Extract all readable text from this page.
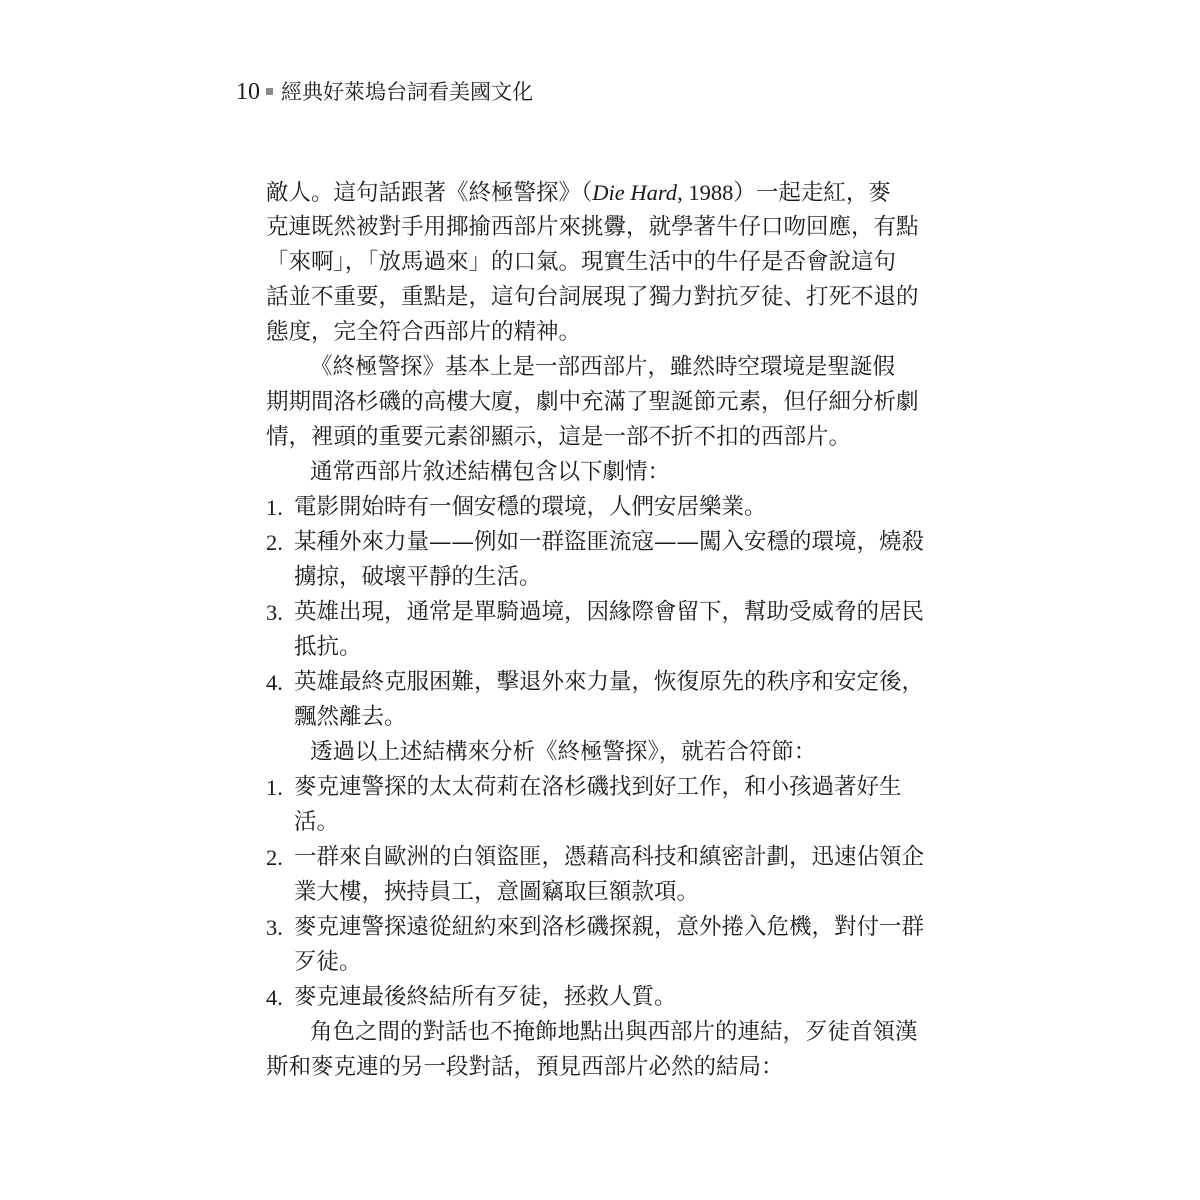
10 經典好萊塢台詞看美國文化
敵人。這句話跟著《終極警探》（Die Hard, 1988）一起走紅，麥
克連既然被對手用揶揄西部片來挑釁，就學著牛仔口吻回應，有點
「來啊」，「放馬過來」的口氣。現實生活中的牛仔是否會說這句
話並不重要，重點是，這句台詞展現了獨力對抗歹徒、打死不退的
態度，完全符合西部片的精神。
《終極警探》基本上是一部西部片，雖然時空環境是聖誕假
期期間洛杉磯的高樓大廈，劇中充滿了聖誕節元素，但仔細分析劇
情，裡頭的重要元素卻顯示，這是一部不折不扣的西部片。
通常西部片敘述結構包含以下劇情：
1. 電影開始時有一個安穩的環境，人們安居樂業。
2. 某種外來力量——例如一群盜匪流寇——闖入安穩的環境，燒殺
擄掠，破壞平靜的生活。
3. 英雄出現，通常是單騎過境，因緣際會留下，幫助受威脅的居民
抵抗。
4. 英雄最終克服困難，擊退外來力量，恢復原先的秩序和安定後，
飄然離去。
透過以上述結構來分析《終極警探》，就若合符節：
1. 麥克連警探的太太荷莉在洛杉磯找到好工作，和小孩過著好生
活。
2. 一群來自歐洲的白領盜匪，憑藉高科技和縝密計劃，迅速佔領企
業大樓，挾持員工，意圖竊取巨額款項。
3. 麥克連警探遠從紐約來到洛杉磯探親，意外捲入危機，對付一群
歹徒。
4. 麥克連最後終結所有歹徒，拯救人質。
角色之間的對話也不掩飾地點出與西部片的連結，歹徒首領漢
斯和麥克連的另一段對話，預見西部片必然的結局：
